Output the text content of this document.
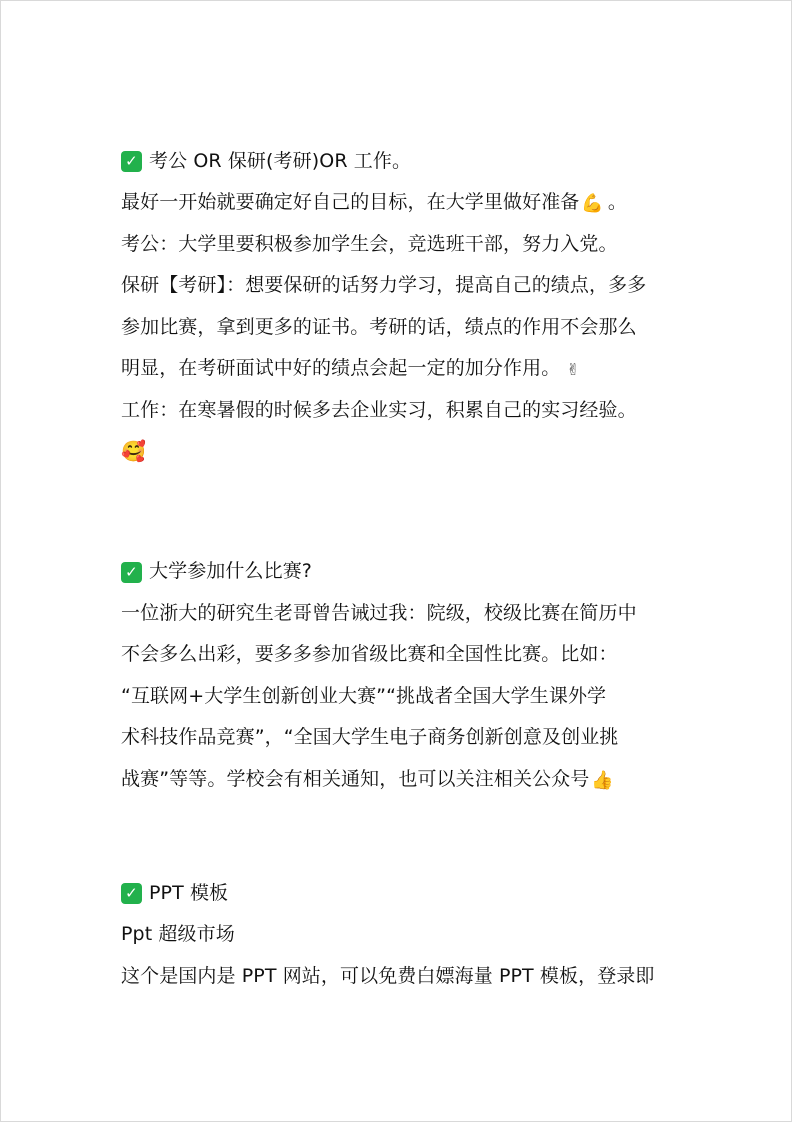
✓ 考公 OR 保研(考研)OR 工作。
最好一开始就要确定好自己的目标，在大学里做好准备 💪 。
考公：大学里要积极参加学生会，竞选班干部，努力入党。
保研【考研】：想要保研的话努力学习，提高自己的绩点，多多
参加比赛，拿到更多的证书。考研的话，绩点的作用不会那么
明显，在考研面试中好的绩点会起一定的加分作用。 ✌
工作：在寒暑假的时候多去企业实习，积累自己的实习经验。
🥰
✓ 大学参加什么比赛?
一位浙大的研究生老哥曾告诫过我：院级，校级比赛在简历中
不会多么出彩，要多多参加省级比赛和全国性比赛。比如：
“互联网+大学生创新创业大赛”“挑战者全国大学生课外学
术科技作品竞赛”，“全国大学生电子商务创新创意及创业挑
战赛”等等。学校会有相关通知，也可以关注相关公众号 👍
✓ PPT 模板
Ppt 超级市场
这个是国内是 PPT 网站，可以免费白嫖海量 PPT 模板，登录即
